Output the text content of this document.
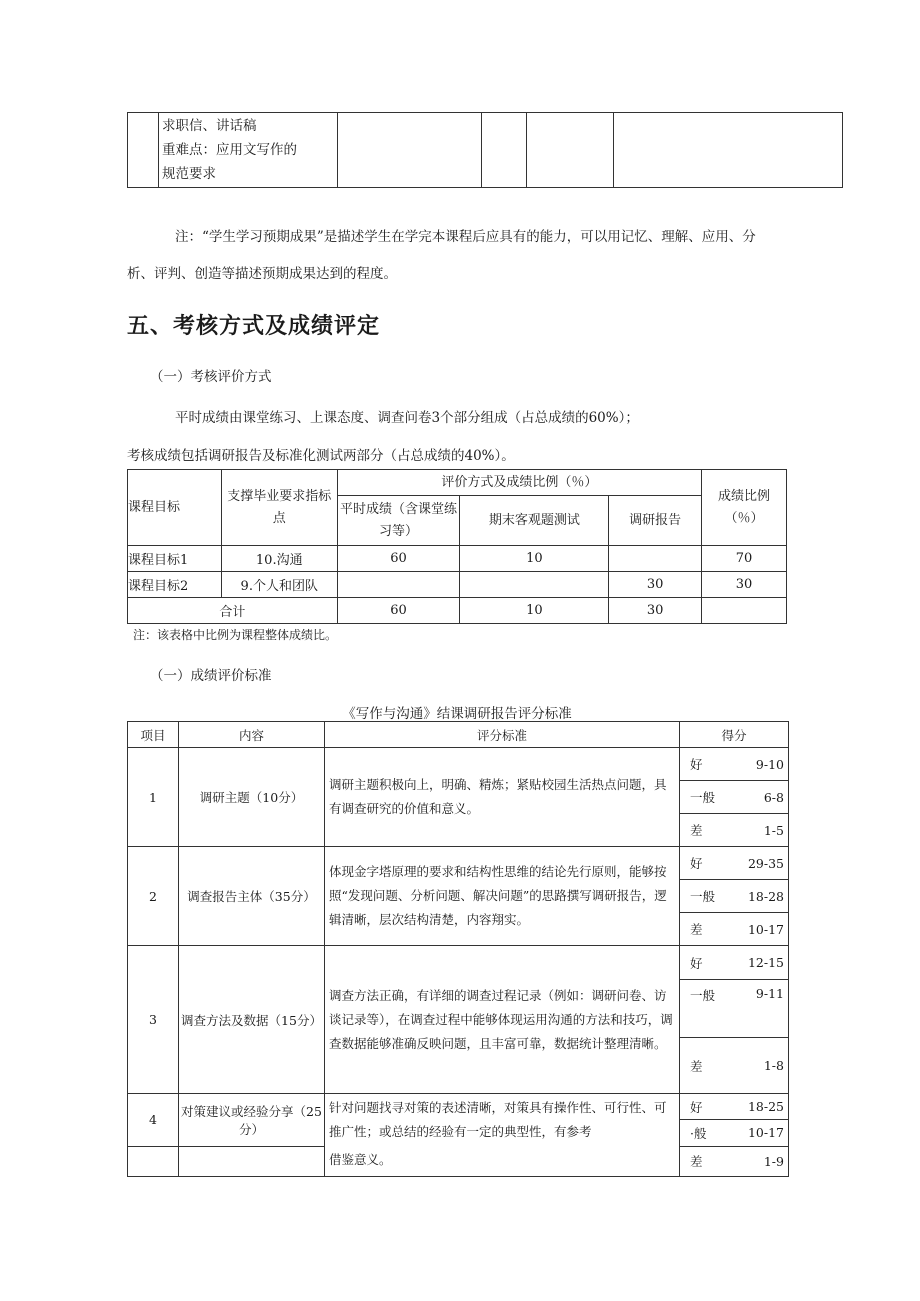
求职信、讲话稿
重难点：应用文写作的
规范要求

注：“学生学习预期成果”是描述学生在学完本课程后应具有的能力，可以用记忆、理解、应用、分
析、评判、创造等描述预期成果达到的程度。
五、考核方式及成绩评定
（一）考核评价方式
平时成绩由课堂练习、上课态度、调查问卷3个部分组成（占总成绩的60%）；
考核成绩包括调研报告及标准化测试两部分（占总成绩的40%）。
课程目标	支撑毕业要求指标点	评价方式及成绩比例（％）			成绩比例（％）
		平时成绩（含课堂练习等）	期末客观题测试	调研报告	
课程目标1	10.沟通	60	10		70
课程目标2	9.个人和团队			30	30
合计		60	10	30	
注：该表格中比例为课程整体成绩比。
（一）成绩评价标准
《写作与沟通》结课调研报告评分标准
项目	内容	评分标准	得分	
1	调研主题（10分）	调研主题积极向上，明确、精炼；紧贴校园生活热点问题，具有调查研究的价值和意义。	好	9-10
			一般	6-8
			差	1-5
2	调查报告主体（35分）	体现金字塔原理的要求和结构性思维的结论先行原则，能够按照“发现问题、分析问题、解决问题”的思路撰写调研报告，逻辑清晰，层次结构清楚，内容翔实。	好	29-35
			一般	18-28
			差	10-17
3	调查方法及数据（15分）	调查方法正确，有详细的调查过程记录（例如：调研问卷、访谈记录等），在调查过程中能够体现运用沟通的方法和技巧，调查数据能够准确反映问题，且丰富可靠，数据统计整理清晰。	好	12-15
			一般	9-11
			差	1-8
4	对策建议或经验分享（25分）	针对问题找寻对策的表述清晰，对策具有操作性、可行性、可推广性；或总结的经验有一定的典型性，有参考	好	18-25
			·般	10-17
		借鉴意义。	差	1-9
